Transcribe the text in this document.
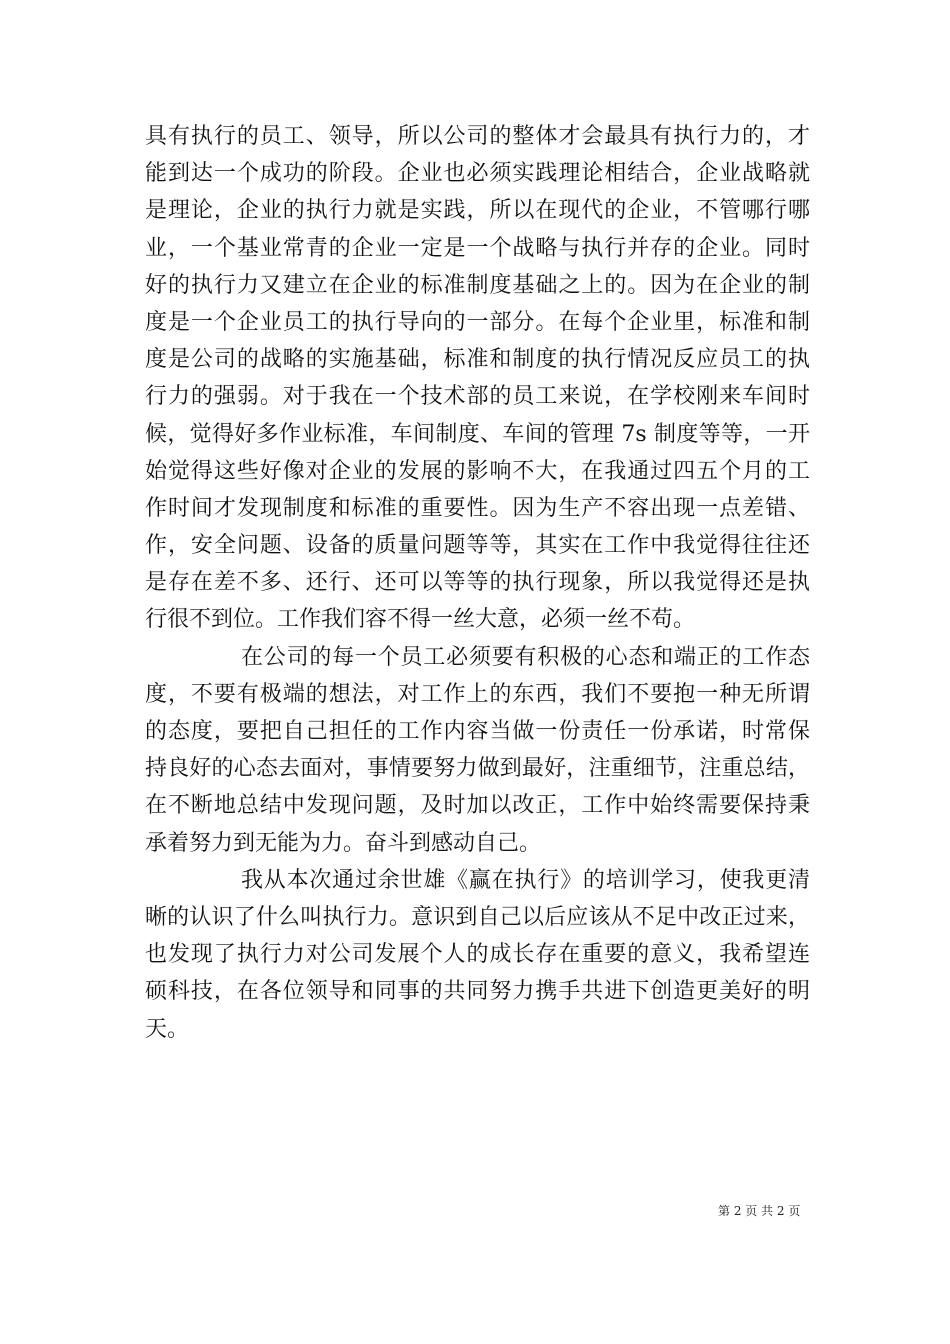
具有执行的员工、领导，所以公司的整体才会最具有执行力的，才
能到达一个成功的阶段。企业也必须实践理论相结合，企业战略就
是理论，企业的执行力就是实践，所以在现代的企业，不管哪行哪
业，一个基业常青的企业一定是一个战略与执行并存的企业。同时
好的执行力又建立在企业的标准制度基础之上的。因为在企业的制
度是一个企业员工的执行导向的一部分。在每个企业里，标准和制
度是公司的战略的实施基础，标准和制度的执行情况反应员工的执
行力的强弱。对于我在一个技术部的员工来说，在学校刚来车间时
候，觉得好多作业标准，车间制度、车间的管理 7s 制度等等，一开
始觉得这些好像对企业的发展的影响不大，在我通过四五个月的工
作时间才发现制度和标准的重要性。因为生产不容出现一点差错、
作，安全问题、设备的质量问题等等，其实在工作中我觉得往往还
是存在差不多、还行、还可以等等的执行现象，所以我觉得还是执
行很不到位。工作我们容不得一丝大意，必须一丝不苟。
在公司的每一个员工必须要有积极的心态和端正的工作态
度，不要有极端的想法，对工作上的东西，我们不要抱一种无所谓
的态度，要把自己担任的工作内容当做一份责任一份承诺，时常保
持良好的心态去面对，事情要努力做到最好，注重细节，注重总结，
在不断地总结中发现问题，及时加以改正，工作中始终需要保持秉
承着努力到无能为力。奋斗到感动自己。
我从本次通过余世雄《赢在执行》的培训学习，使我更清
晰的认识了什么叫执行力。意识到自己以后应该从不足中改正过来，
也发现了执行力对公司发展个人的成长存在重要的意义，我希望连
硕科技，在各位领导和同事的共同努力携手共进下创造更美好的明
天。
第 2 页 共 2 页
